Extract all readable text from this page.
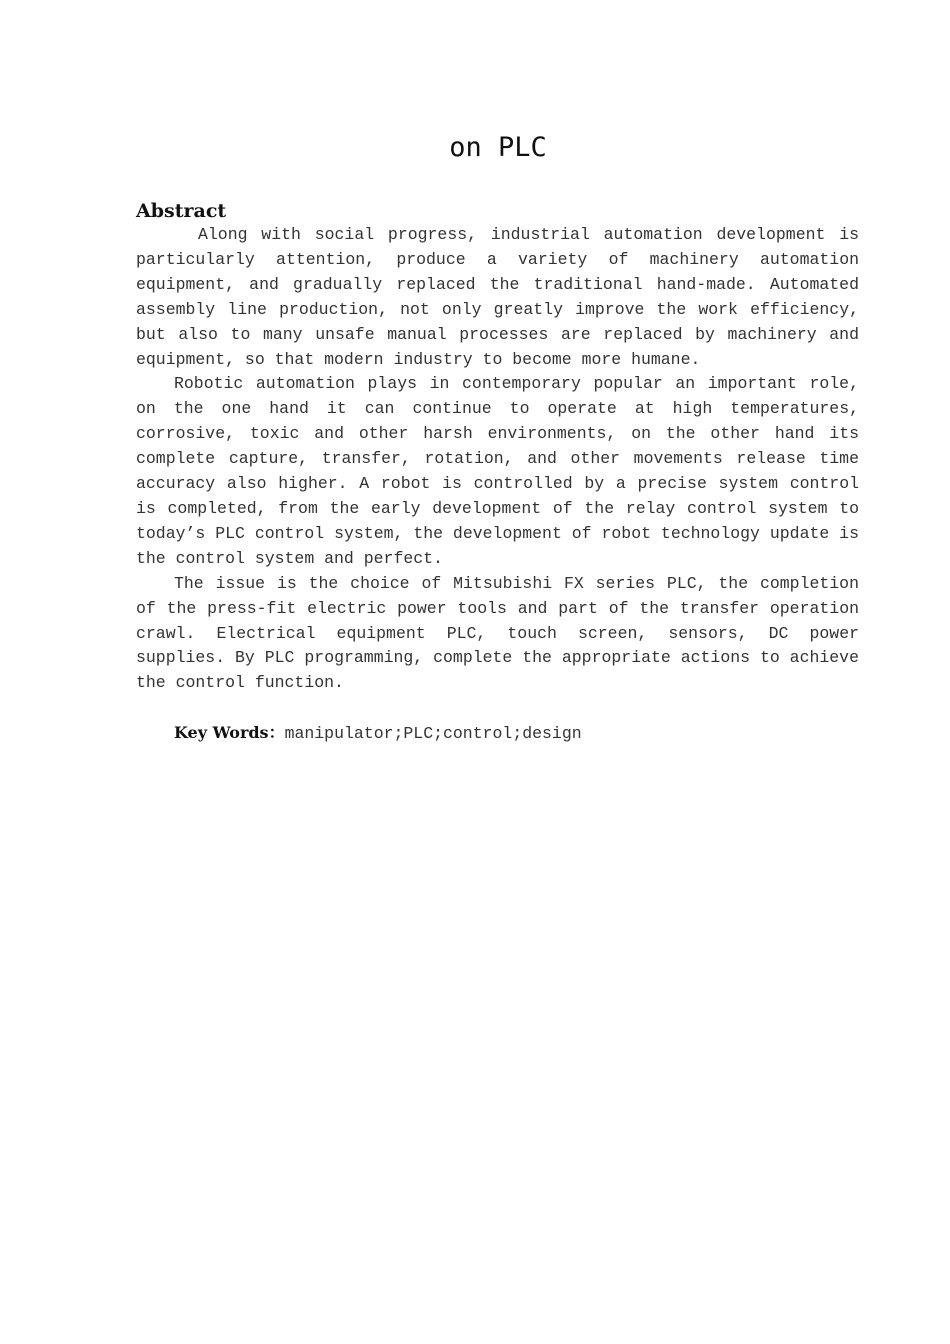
on PLC
Abstract

Along with social progress, industrial automation development is particularly attention, produce a variety of machinery automation equipment, and gradually replaced the traditional hand-made. Automated assembly line production, not only greatly improve the work efficiency, but also to many unsafe manual processes are replaced by machinery and equipment, so that modern industry to become more humane.

Robotic automation plays in contemporary popular an important role, on the one hand it can continue to operate at high temperatures, corrosive, toxic and other harsh environments, on the other hand its complete capture, transfer, rotation, and other movements release time accuracy also higher. A robot is controlled by a precise system control is completed, from the early development of the relay control system to today’s PLC control system, the development of robot technology update is the control system and perfect.

The issue is the choice of Mitsubishi FX series PLC, the completion of the press-fit electric power tools and part of the transfer operation crawl. Electrical equipment PLC, touch screen, sensors, DC power supplies. By PLC programming, complete the appropriate actions to achieve the control function.

Key Words：manipulator;PLC;control;design
